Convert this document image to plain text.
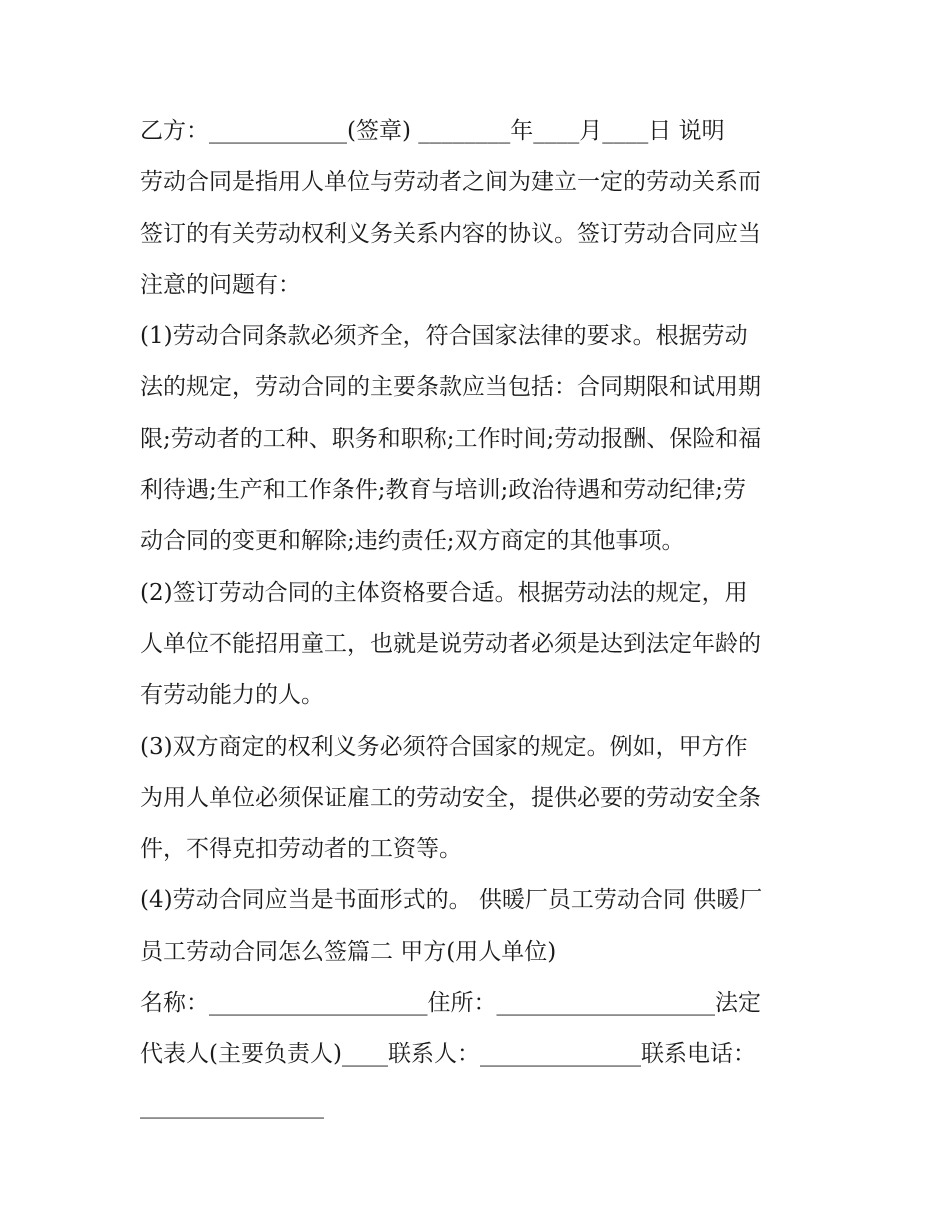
乙方：____________(签章) ________年____月____日 说明
劳动合同是指用人单位与劳动者之间为建立一定的劳动关系而
签订的有关劳动权利义务关系内容的协议。签订劳动合同应当
注意的问题有：
(1)劳动合同条款必须齐全，符合国家法律的要求。根据劳动
法的规定，劳动合同的主要条款应当包括：合同期限和试用期
限;劳动者的工种、职务和职称;工作时间;劳动报酬、保险和福
利待遇;生产和工作条件;教育与培训;政治待遇和劳动纪律;劳
动合同的变更和解除;违约责任;双方商定的其他事项。
(2)签订劳动合同的主体资格要合适。根据劳动法的规定，用
人单位不能招用童工，也就是说劳动者必须是达到法定年龄的
有劳动能力的人。
(3)双方商定的权利义务必须符合国家的规定。例如，甲方作
为用人单位必须保证雇工的劳动安全，提供必要的劳动安全条
件，不得克扣劳动者的工资等。
(4)劳动合同应当是书面形式的。 供暖厂员工劳动合同 供暖厂
员工劳动合同怎么签篇二 甲方(用人单位)
名称：___________________住所：___________________法定
代表人(主要负责人)____联系人：______________联系电话：
________________
